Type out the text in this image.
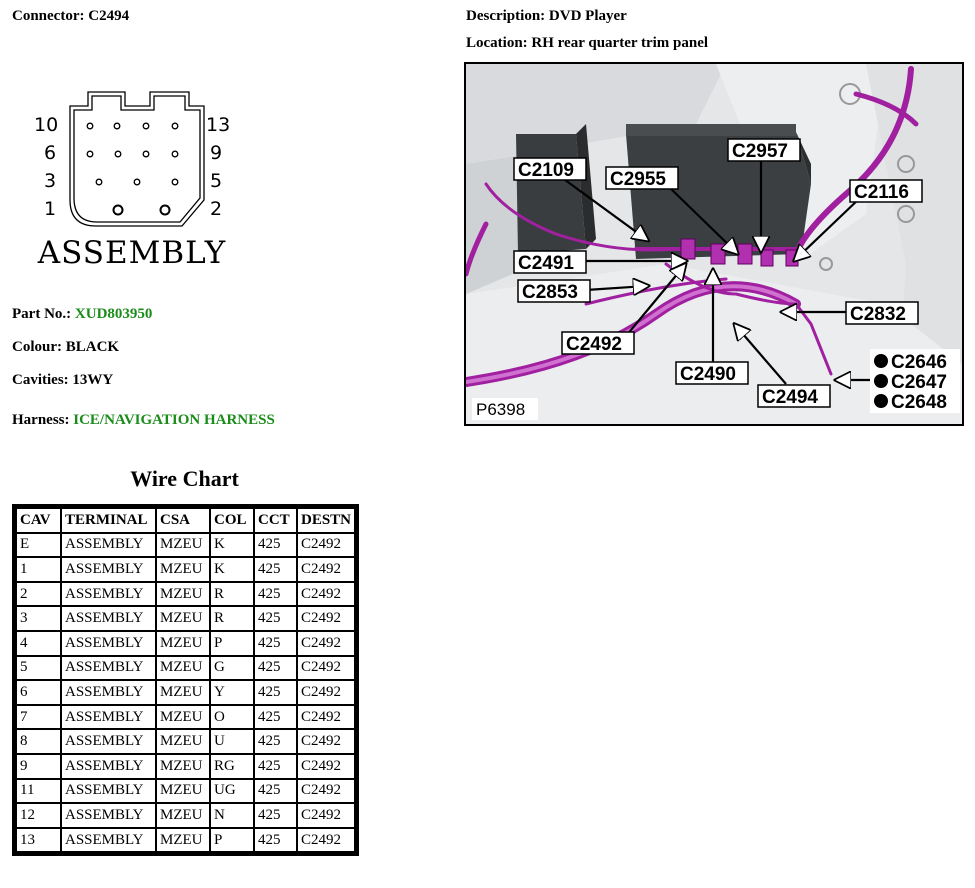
Connector: C2494	Description: DVD Player
Location: RH rear quarter trim panel
10
6
3
1
13
9
5
2
ASSEMBLY
Part No.: XUD803950
Colour: BLACK
Cavities: 13WY
Harness: ICE/NAVIGATION HARNESS
C2109 C2955
C2957
C2116
C2491
C2853
C2832
C2492
C2490
C2494
C2646
C2647
C2648
P6398
Wire Chart
CAV	TERMINAL	CSA	COL	CCT	DESTN
E	ASSEMBLY	MZEU	K	425	C2492
1	ASSEMBLY	MZEU	K	425	C2492
2	ASSEMBLY	MZEU	R	425	C2492
3	ASSEMBLY	MZEU	R	425	C2492
4	ASSEMBLY	MZEU	P	425	C2492
5	ASSEMBLY	MZEU	G	425	C2492
6	ASSEMBLY	MZEU	Y	425	C2492
7	ASSEMBLY	MZEU	O	425	C2492
8	ASSEMBLY	MZEU	U	425	C2492
9	ASSEMBLY	MZEU	RG	425	C2492
11	ASSEMBLY	MZEU	UG	425	C2492
12	ASSEMBLY	MZEU	N	425	C2492
13	ASSEMBLY	MZEU	P	425	C2492
